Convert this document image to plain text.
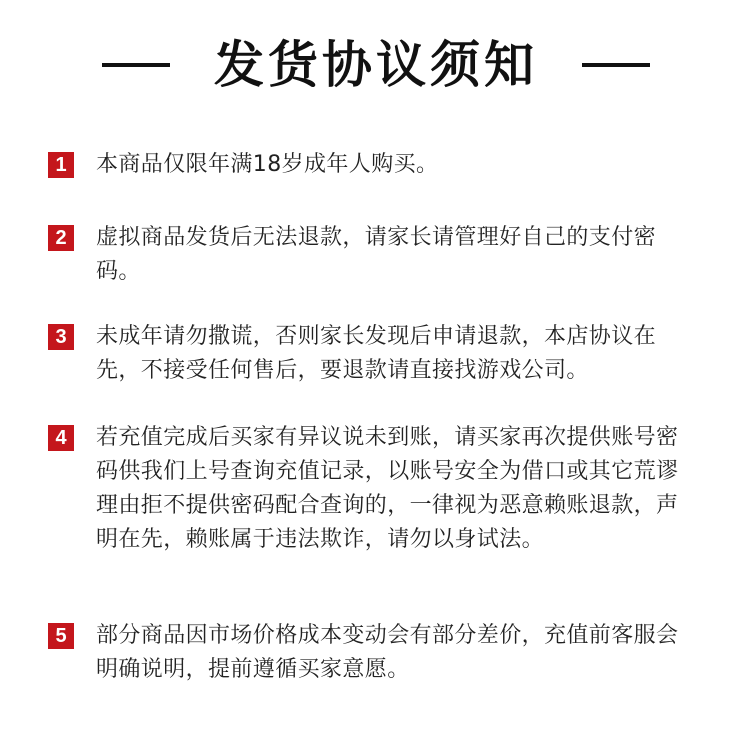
发货协议须知
1	本商品仅限年满18岁成年人购买。
2	虚拟商品发货后无法退款，请家长请管理好自己的支付密码。
3	未成年请勿撒谎，否则家长发现后申请退款，本店协议在先，不接受任何售后，要退款请直接找游戏公司。
4	若充值完成后买家有异议说未到账，请买家再次提供账号密码供我们上号查询充值记录，以账号安全为借口或其它荒谬理由拒不提供密码配合查询的，一律视为恶意赖账退款，声明在先，赖账属于违法欺诈，请勿以身试法。
5	部分商品因市场价格成本变动会有部分差价，充值前客服会明确说明，提前遵循买家意愿。
